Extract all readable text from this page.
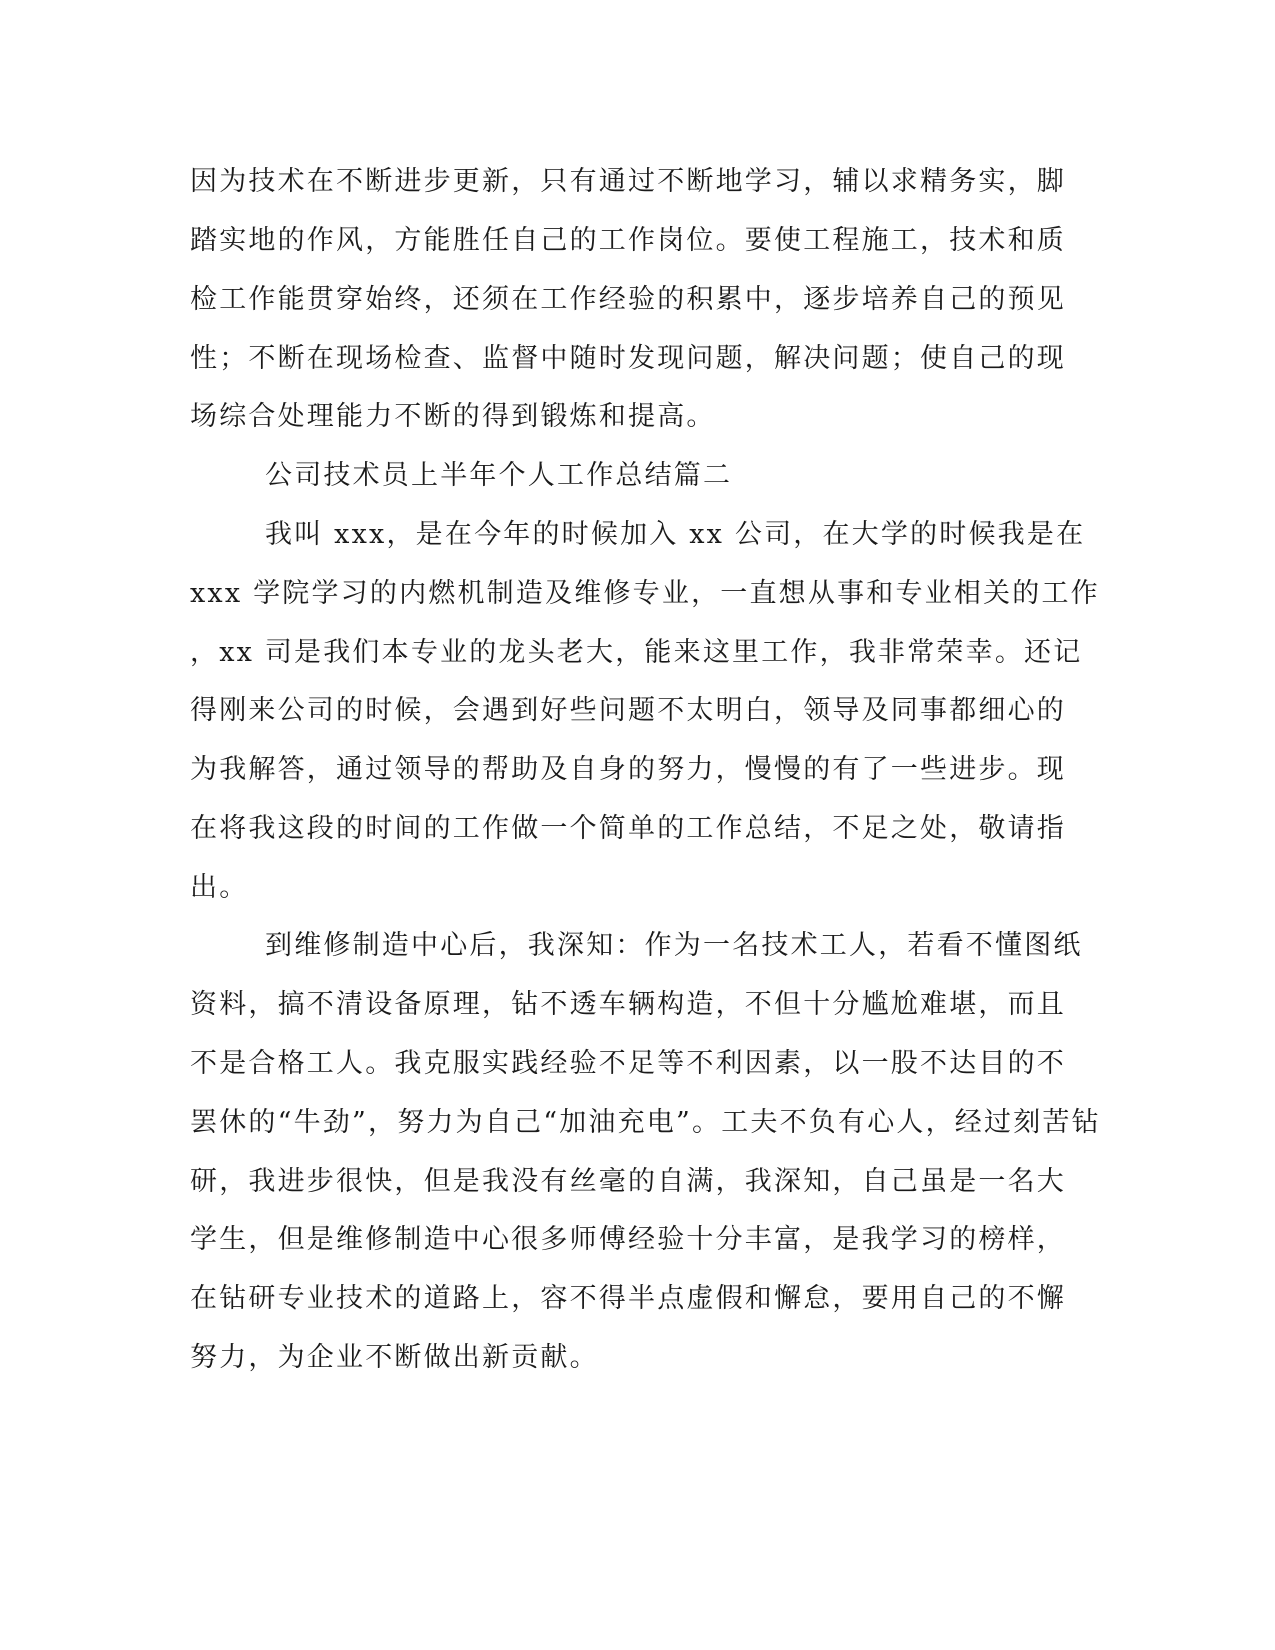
因为技术在不断进步更新，只有通过不断地学习，辅以求精务实，脚
踏实地的作风，方能胜任自己的工作岗位。要使工程施工，技术和质
检工作能贯穿始终，还须在工作经验的积累中，逐步培养自己的预见
性；不断在现场检查、监督中随时发现问题，解决问题；使自己的现
场综合处理能力不断的得到锻炼和提高。
公司技术员上半年个人工作总结篇二
我叫 xxx，是在今年的时候加入 xx 公司，在大学的时候我是在
xxx 学院学习的内燃机制造及维修专业，一直想从事和专业相关的工作
，xx 司是我们本专业的龙头老大，能来这里工作，我非常荣幸。还记
得刚来公司的时候，会遇到好些问题不太明白，领导及同事都细心的
为我解答，通过领导的帮助及自身的努力，慢慢的有了一些进步。现
在将我这段的时间的工作做一个简单的工作总结，不足之处，敬请指
出。
到维修制造中心后，我深知：作为一名技术工人，若看不懂图纸
资料，搞不清设备原理，钻不透车辆构造，不但十分尴尬难堪，而且
不是合格工人。我克服实践经验不足等不利因素，以一股不达目的不
罢休的“牛劲”，努力为自己“加油充电”。工夫不负有心人，经过刻苦钻
研，我进步很快，但是我没有丝毫的自满，我深知，自己虽是一名大
学生，但是维修制造中心很多师傅经验十分丰富，是我学习的榜样，
在钻研专业技术的道路上，容不得半点虚假和懈怠，要用自己的不懈
努力，为企业不断做出新贡献。
